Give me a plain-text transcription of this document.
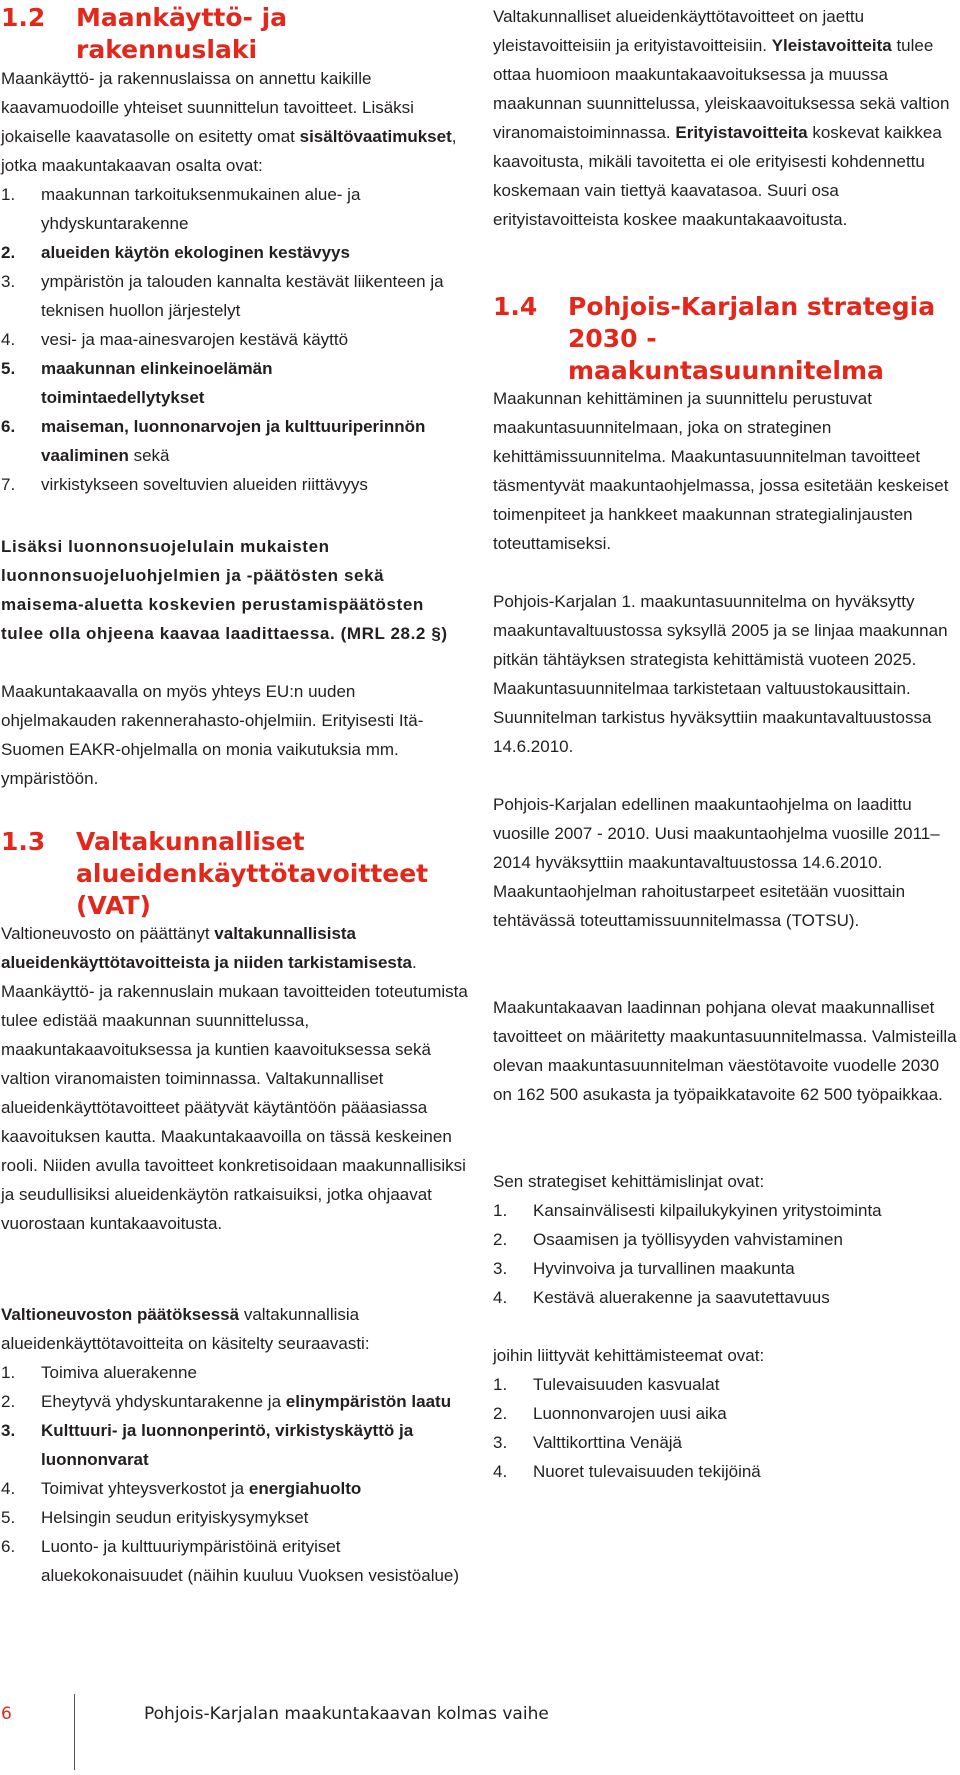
1.2	Maankäyttö- ja rakennuslaki

Maankäyttö- ja rakennuslaissa on annettu kaikille kaavamuodoille yhteiset suunnittelun tavoitteet. Lisäksi jokaiselle kaavatasolle on esitetty omat sisältövaatimukset, jotka maakuntakaavan osalta ovat:

1.	maakunnan tarkoituksenmukainen alue- ja yhdyskuntarakenne
2.	alueiden käytön ekologinen kestävyys
3.	ympäristön ja talouden kannalta kestävät liikenteen ja teknisen huollon järjestelyt
4.	vesi- ja maa-ainesvarojen kestävä käyttö
5.	maakunnan elinkeinoelämän toimintaedellytykset
6.	maiseman, luonnonarvojen ja kulttuuriperinnön vaaliminen sekä
7.	virkistykseen soveltuvien alueiden riittävyys

Lisäksi luonnonsuojelulain mukaisten luonnonsuojeluohjelmien ja -päätösten sekä maisema-aluetta koskevien perustamispäätösten tulee olla ohjeena kaavaa laadittaessa. (MRL 28.2 §)

Maakuntakaavalla on myös yhteys EU:n uuden ohjelmakauden rakennerahasto-ohjelmiin. Erityisesti Itä-Suomen EAKR-ohjelmalla on monia vaikutuksia mm. ympäristöön.

1.3	Valtakunnalliset alueidenkäyttötavoitteet (VAT)

Valtioneuvosto on päättänyt valtakunnallisista alueidenkäyttötavoitteista ja niiden tarkistamisesta. Maankäyttö- ja rakennuslain mukaan tavoitteiden toteutumista tulee edistää maakunnan suunnittelussa, maakuntakaavoituksessa ja kuntien kaavoituksessa sekä valtion viranomaisten toiminnassa. Valtakunnalliset alueidenkäyttötavoitteet päätyvät käytäntöön pääasiassa kaavoituksen kautta. Maakuntakaavoilla on tässä keskeinen rooli. Niiden avulla tavoitteet konkretisoidaan maakunnallisiksi ja seudullisiksi alueidenkäytön ratkaisuiksi, jotka ohjaavat vuorostaan kuntakaavoitusta.

Valtioneuvoston päätöksessä valtakunnallisia alueidenkäyttötavoitteita on käsitelty seuraavasti:

1.	Toimiva aluerakenne
2.	Eheytyvä yhdyskuntarakenne ja elinympäristön laatu
3.	Kulttuuri- ja luonnonperintö, virkistyskäyttö ja luonnonvarat
4.	Toimivat yhteysverkostot ja energiahuolto
5.	Helsingin seudun erityiskysymykset
6.	Luonto- ja kulttuuriympäristöinä erityiset aluekokonaisuudet (näihin kuuluu Vuoksen vesistöalue)

Valtakunnalliset alueidenkäyttötavoitteet on jaettu yleistavoitteisiin ja erityistavoitteisiin. Yleistavoitteita tulee ottaa huomioon maakuntakaavoituksessa ja muussa maakunnan suunnittelussa, yleiskaavoituksessa sekä valtion viranomaistoiminnassa. Erityistavoitteita koskevat kaikkea kaavoitusta, mikäli tavoitetta ei ole erityisesti kohdennettu koskemaan vain tiettyä kaavatasoa. Suuri osa erityistavoitteista koskee maakuntakaavoitusta.

1.4	Pohjois-Karjalan strategia 2030 -maakuntasuunnitelma

Maakunnan kehittäminen ja suunnittelu perustuvat maakuntasuunnitelmaan, joka on strateginen kehittämissuunnitelma. Maakuntasuunnitelman tavoitteet täsmentyvät maakuntaohjelmassa, jossa esitetään keskeiset toimenpiteet ja hankkeet maakunnan strategialinjausten toteuttamiseksi.

Pohjois-Karjalan 1. maakuntasuunnitelma on hyväksytty maakuntavaltuustossa syksyllä 2005 ja se linjaa maakunnan pitkän tähtäyksen strategista kehittämistä vuoteen 2025. Maakuntasuunnitelmaa tarkistetaan valtuustokausittain. Suunnitelman tarkistus hyväksyttiin maakuntavaltuustossa 14.6.2010.

Pohjois-Karjalan edellinen maakuntaohjelma on laadittu vuosille 2007 - 2010. Uusi maakuntaohjelma vuosille 2011–2014 hyväksyttiin maakuntavaltuustossa 14.6.2010. Maakuntaohjelman rahoitustarpeet esitetään vuosittain tehtävässä toteuttamissuunnitelmassa (TOTSU).

Maakuntakaavan laadinnan pohjana olevat maakunnalliset tavoitteet on määritetty maakuntasuunnitelmassa. Valmisteilla olevan maakuntasuunnitelman väestötavoite vuodelle 2030 on 162 500 asukasta ja työpaikkatavoite 62 500 työpaikkaa.

Sen strategiset kehittämislinjat ovat:

1.	Kansainvälisesti kilpailukykyinen yritystoiminta
2.	Osaamisen ja työllisyyden vahvistaminen
3.	Hyvinvoiva ja turvallinen maakunta
4.	Kestävä aluerakenne ja saavutettavuus

joihin liittyvät kehittämisteemat ovat:

1.	Tulevaisuuden kasvualat
2.	Luonnonvarojen uusi aika
3.	Valttikorttina Venäjä
4.	Nuoret tulevaisuuden tekijöinä
6	Pohjois-Karjalan maakuntakaavan kolmas vaihe
